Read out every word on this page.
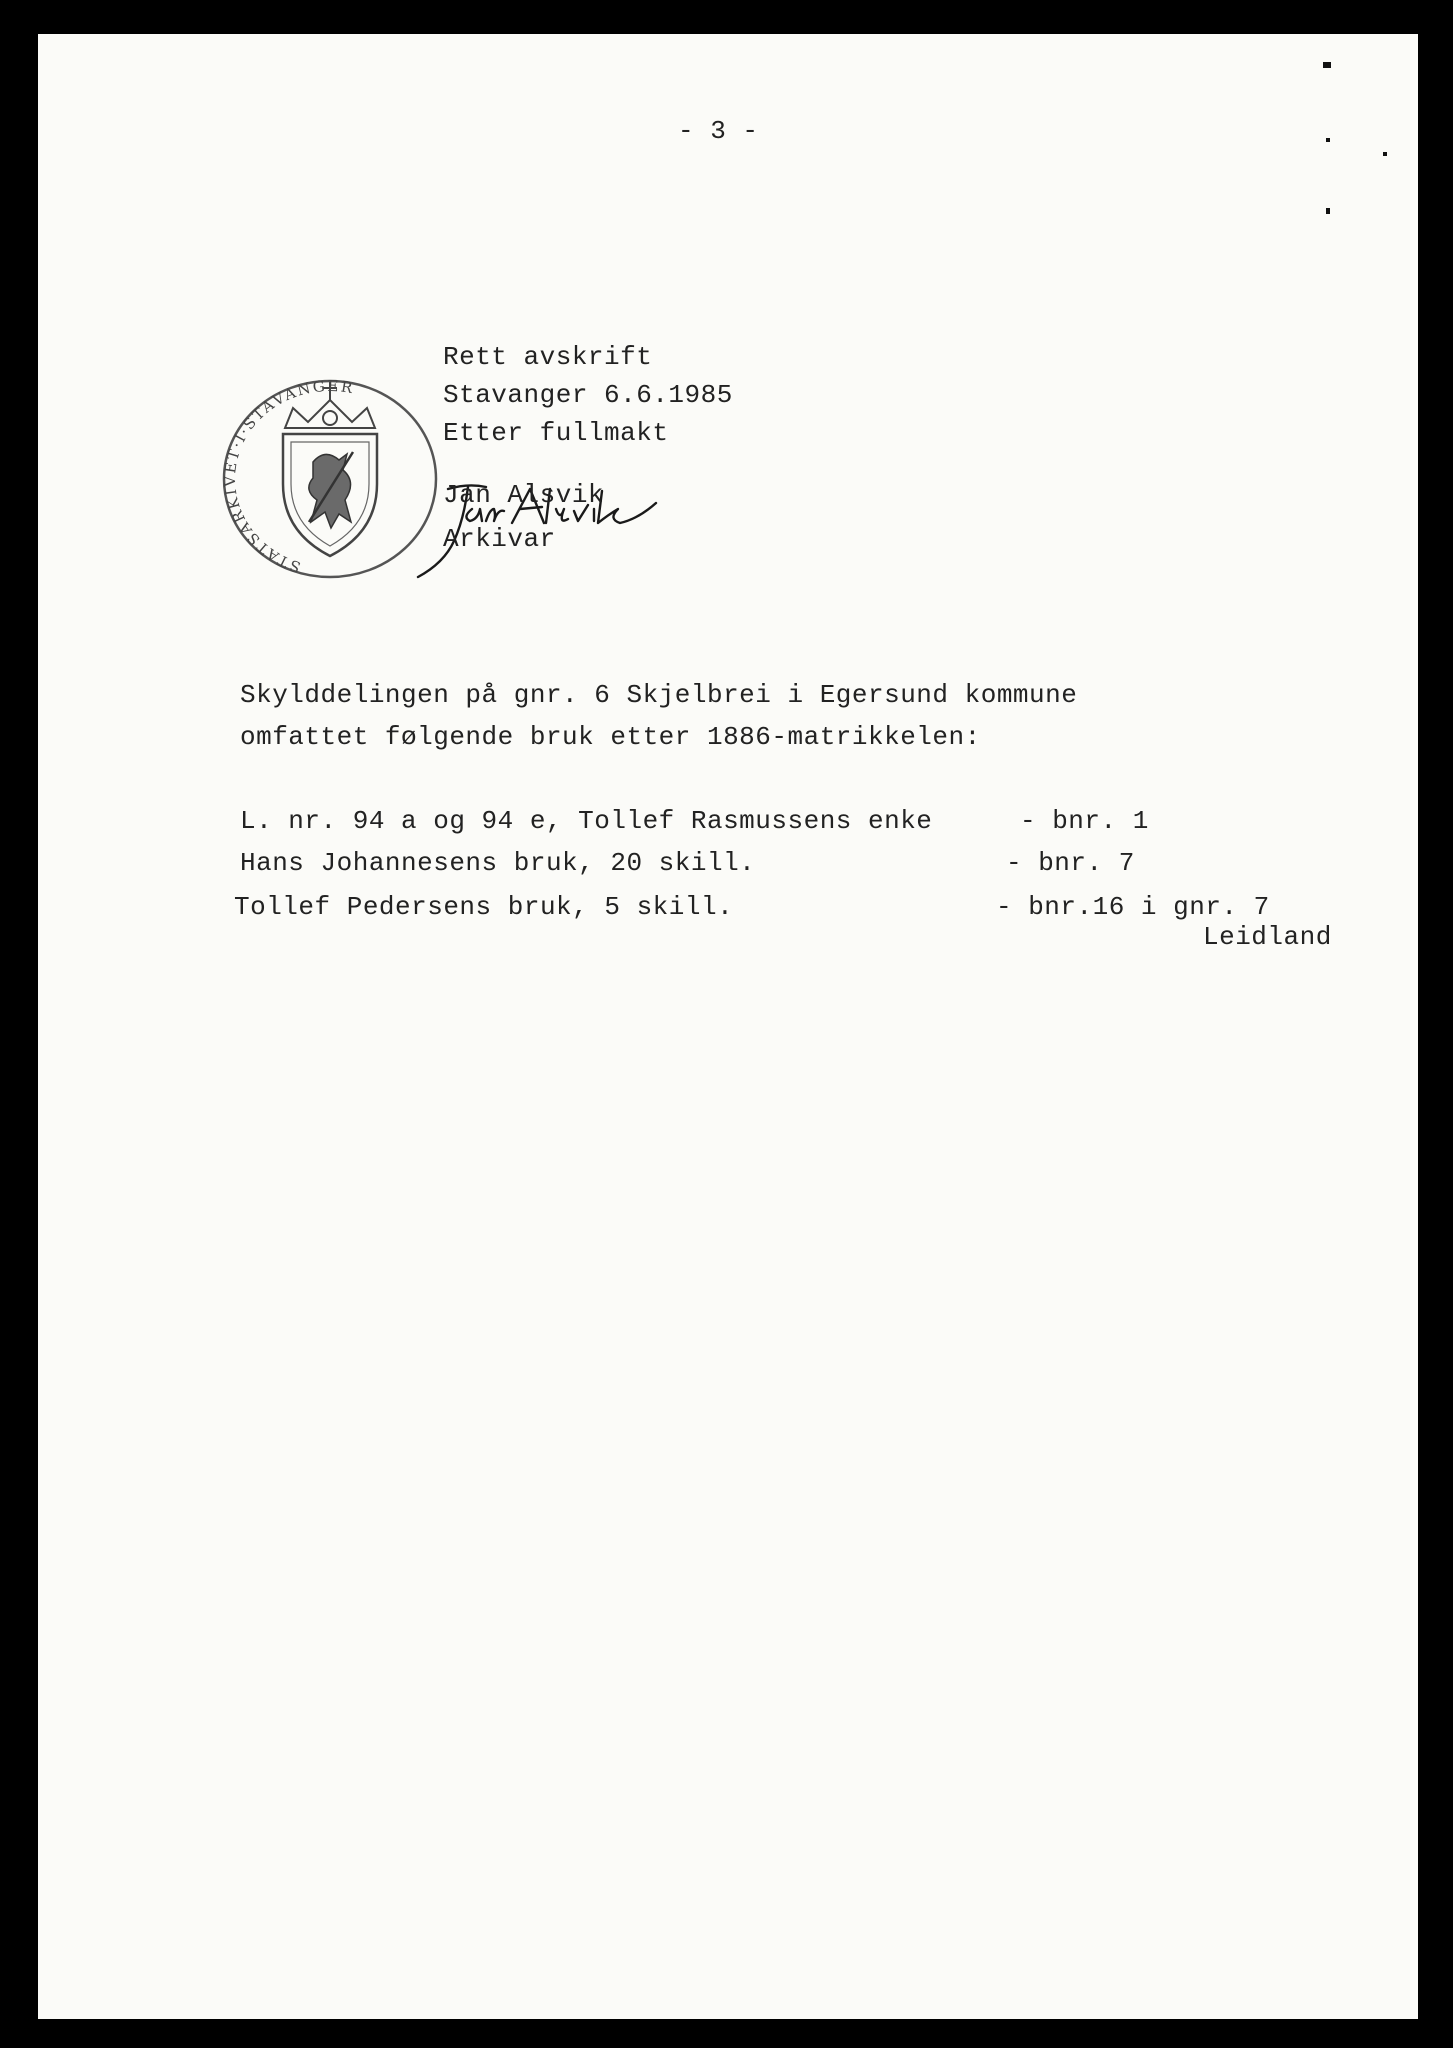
- 3 -
STATSARKIVET·I·STAVANGER
Rett avskrift
Stavanger 6.6.1985
Etter fullmakt
Jan Alsvik
Arkivar
Skylddelingen på gnr. 6 Skjelbrei i Egersund kommune
omfattet følgende bruk etter 1886-matrikkelen:
L. nr. 94 a og 94 e, Tollef Rasmussens enke	- bnr. 1
Hans Johannesens bruk, 20 skill.	- bnr. 7
Tollef Pedersens bruk, 5 skill.	- bnr.16 i gnr. 7
Leidland
